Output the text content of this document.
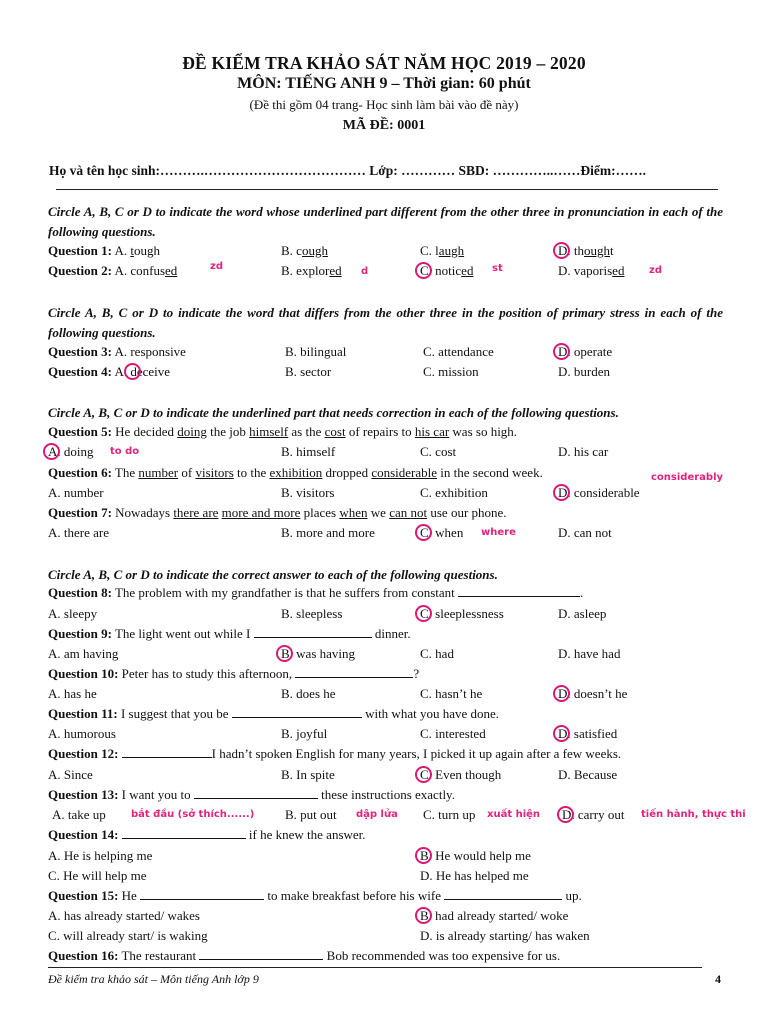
ĐỀ KIỂM TRA KHẢO SÁT NĂM HỌC 2019 – 2020
MÔN: TIẾNG ANH 9 – Thời gian: 60 phút
(Đề thi gồm 04 trang- Học sinh làm bài vào đề này)
MÃ ĐỀ: 0001
Họ và tên học sinh:……….……………………………… Lớp: ………… SBD: …………..……Điểm:…….
Circle A, B, C or D to indicate the word whose underlined part different from the other three in pronunciation in each of the following questions.
Question 1: A. tough	B. cough	C. laugh	D. thought
Question 2: A. confused	B. explored	C. noticed	D. vaporised
zd	d	st	zd
Circle A, B, C or D to indicate the word that differs from the other three in the position of primary stress in each of the following questions.
Question 3: A. responsive	B. bilingual	C. attendance	D. operate
Question 4: A. deceive	B. sector	C. mission	D. burden
Circle A, B, C or D to indicate the underlined part that needs correction in each of the following questions.
Question 5: He decided doing the job himself as the cost of repairs to his car was so high.
A. doing	B. himself	C. cost	D. his car
to do
Question 6: The number of visitors to the exhibition dropped considerable in the second week.	considerably
A. number	B. visitors	C. exhibition	D. considerable
Question 7: Nowadays there are more and more places when we can not use our phone.
A. there are	B. more and more	C. when	D. can not
where
Circle A, B, C or D to indicate the correct answer to each of the following questions.
Question 8: The problem with my grandfather is that he suffers from constant	.
A. sleepy	B. sleepless	C. sleeplessness	D. asleep
Question 9: The light went out while I	dinner.
A. am having	B. was having	C. had	D. have had
Question 10: Peter has to study this afternoon,	?
A. has he	B. does he	C. hasn’t he	D. doesn’t he
Question 11: I suggest that you be	with what you have done.
A. humorous	B. joyful	C. interested	D. satisfied
Question 12:	I hadn’t spoken English for many years, I picked it up again after a few weeks.
A. Since	B. In spite	C. Even though	D. Because
Question 13: I want you to	these instructions exactly.
A. take up	bắt đầu (sở thích......) B. put out dập lửa C. turn up xuất hiện D. carry out tiến hành, thực thi
Question 14:	if he knew the answer.
A. He is helping me	B. He would help me
C. He will help me	D. He has helped me
Question 15: He	to make breakfast before his wife	up.
A. has already started/ wakes	B. had already started/ woke
C. will already start/ is waking	D. is already starting/ has waken
Question 16: The restaurant	Bob recommended was too expensive for us.
Đề kiểm tra khảo sát – Môn tiếng Anh lớp 9	4
